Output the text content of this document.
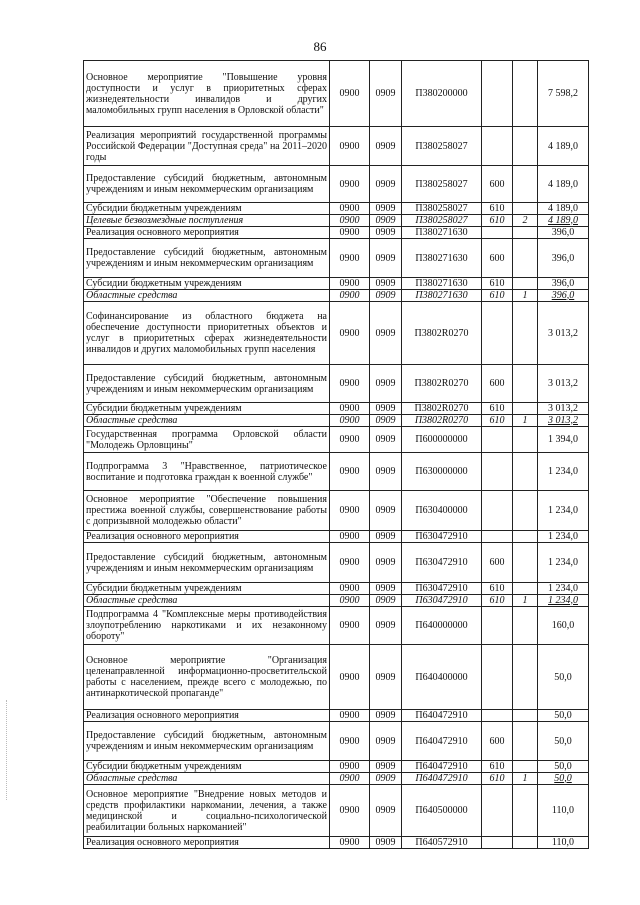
86
Основное мероприятие "Повышение уровня доступности и услуг в приоритетных сферах жизнедеятельности инвалидов и других маломобильных групп населения в Орловской области"	0900	0909	П380200000			7 598,2
Реализация мероприятий государственной программы Российской Федерации "Доступная среда" на 2011–2020 годы	0900	0909	П380258027			4 189,0
Предоставление субсидий бюджетным, автономным учреждениям и иным некоммерческим организациям	0900	0909	П380258027	600		4 189,0
Субсидии бюджетным учреждениям	0900	0909	П380258027	610		4 189,0
Целевые безвозмездные поступления	0900	0909	П380258027	610	2	4 189,0
Реализация основного мероприятия	0900	0909	П380271630			396,0
Предоставление субсидий бюджетным, автономным учреждениям и иным некоммерческим организациям	0900	0909	П380271630	600		396,0
Субсидии бюджетным учреждениям	0900	0909	П380271630	610		396,0
Областные средства	0900	0909	П380271630	610	1	396,0
Софинансирование из областного бюджета на обеспечение доступности приоритетных объектов и услуг в приоритетных сферах жизнедеятельности инвалидов и других маломобильных групп населения	0900	0909	П3802R0270			3 013,2
Предоставление субсидий бюджетным, автономным учреждениям и иным некоммерческим организациям	0900	0909	П3802R0270	600		3 013,2
Субсидии бюджетным учреждениям	0900	0909	П3802R0270	610		3 013,2
Областные средства	0900	0909	П3802R0270	610	1	3 013,2
Государственная программа Орловской области "Молодежь Орловщины"	0900	0909	П600000000			1 394,0
Подпрограмма 3 "Нравственное, патриотическое воспитание и подготовка граждан к военной службе"	0900	0909	П630000000			1 234,0
Основное мероприятие "Обеспечение повышения престижа военной службы, совершенствование работы с допризывной молодежью области"	0900	0909	П630400000			1 234,0
Реализация основного мероприятия	0900	0909	П630472910			1 234,0
Предоставление субсидий бюджетным, автономным учреждениям и иным некоммерческим организациям	0900	0909	П630472910	600		1 234,0
Субсидии бюджетным учреждениям	0900	0909	П630472910	610		1 234,0
Областные средства	0900	0909	П630472910	610	1	1 234,0
Подпрограмма 4 "Комплексные меры противодействия злоупотреблению наркотиками и их незаконному обороту"	0900	0909	П640000000			160,0
Основное мероприятие "Организация целенаправленной информационно-просветительской работы с населением, прежде всего с молодежью, по антинаркотической пропаганде"	0900	0909	П640400000			50,0
Реализация основного мероприятия	0900	0909	П640472910			50,0
Предоставление субсидий бюджетным, автономным учреждениям и иным некоммерческим организациям	0900	0909	П640472910	600		50,0
Субсидии бюджетным учреждениям	0900	0909	П640472910	610		50,0
Областные средства	0900	0909	П640472910	610	1	50,0
Основное мероприятие "Внедрение новых методов и средств профилактики наркомании, лечения, а также медицинской и социально-психологической реабилитации больных наркоманией"	0900	0909	П640500000			110,0
Реализация основного мероприятия	0900	0909	П640572910			110,0
